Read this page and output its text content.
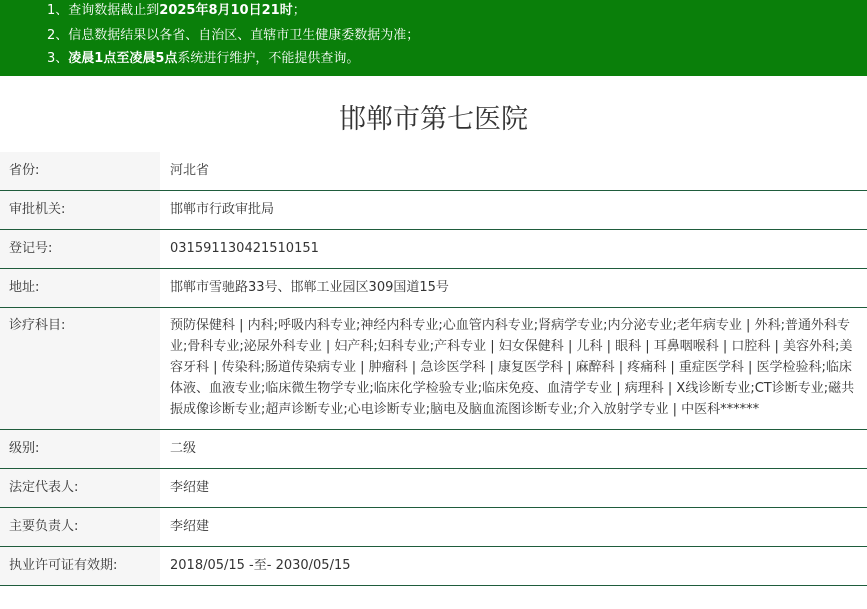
1、查询数据截止到2025年8月10日21时；
2、信息数据结果以各省、自治区、直辖市卫生健康委数据为准；
3、凌晨1点至凌晨5点系统进行维护，不能提供查询。
邯郸市第七医院
省份:	河北省
审批机关:	邯郸市行政审批局
登记号:	031591130421510151
地址:	邯郸市雪驰路33号、邯郸工业园区309国道15号
诊疗科目:	预防保健科 | 内科;呼吸内科专业;神经内科专业;心血管内科专业;肾病学专业;内分泌专业;老年病专业 | 外科;普通外科专业;骨科专业;泌尿外科专业 | 妇产科;妇科专业;产科专业 | 妇女保健科 | 儿科 | 眼科 | 耳鼻咽喉科 | 口腔科 | 美容外科;美容牙科 | 传染科;肠道传染病专业 | 肿瘤科 | 急诊医学科 | 康复医学科 | 麻醉科 | 疼痛科 | 重症医学科 | 医学检验科;临床体液、血液专业;临床微生物学专业;临床化学检验专业;临床免疫、血清学专业 | 病理科 | X线诊断专业;CT诊断专业;磁共振成像诊断专业;超声诊断专业;心电诊断专业;脑电及脑血流图诊断专业;介入放射学专业 | 中医科******
级别:	二级
法定代表人:	李绍建
主要负责人:	李绍建
执业许可证有效期:	2018/05/15 -至- 2030/05/15
